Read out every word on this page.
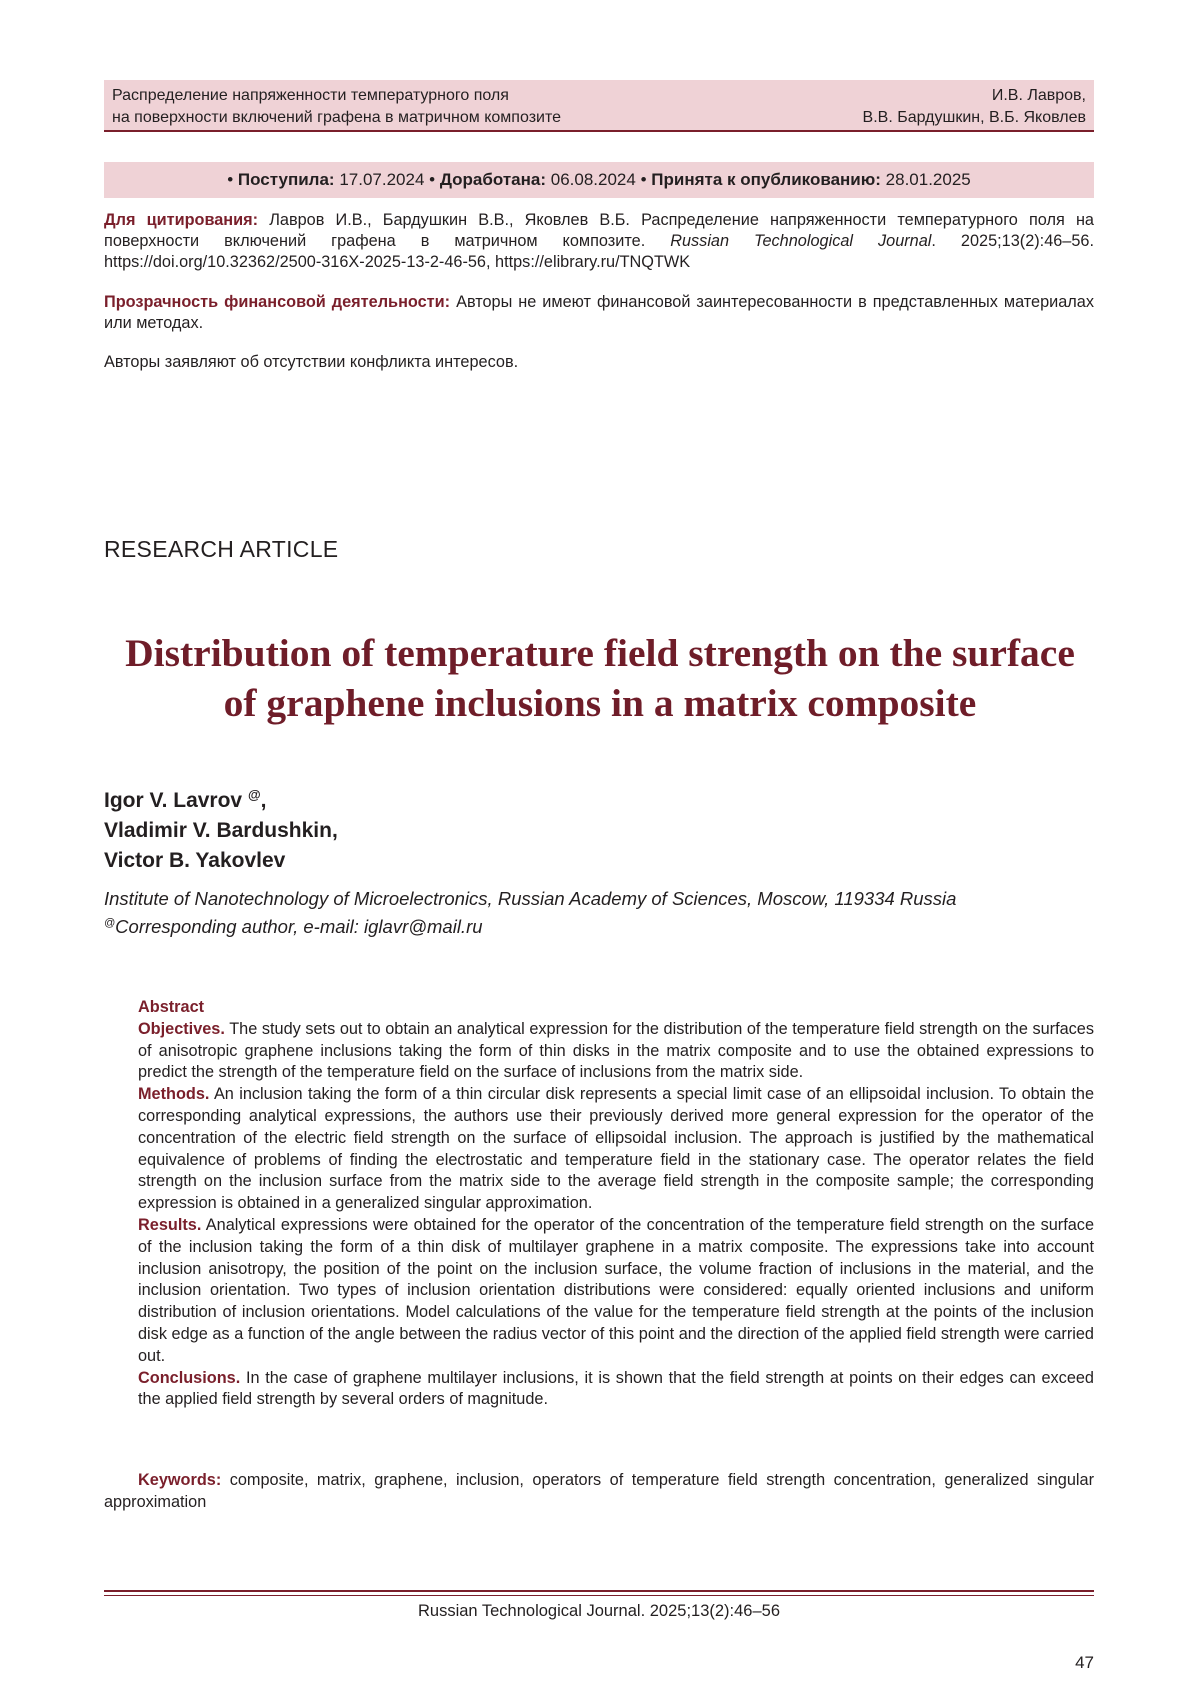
Распределение напряженности температурного поля
на поверхности включений графена в матричном композите
И.В. Лавров,
В.В. Бардушкин, В.Б. Яковлев
• Поступила: 17.07.2024 • Доработана: 06.08.2024 • Принята к опубликованию: 28.01.2025
Для цитирования: Лавров И.В., Бардушкин В.В., Яковлев В.Б. Распределение напряженности температурного поля на поверхности включений графена в матричном композите. Russian Technological Journal. 2025;13(2):46–56. https://doi.org/10.32362/2500-316X-2025-13-2-46-56, https://elibrary.ru/TNQTWK
Прозрачность финансовой деятельности: Авторы не имеют финансовой заинтересованности в представленных материалах или методах.
Авторы заявляют об отсутствии конфликта интересов.
RESEARCH ARTICLE
Distribution of temperature field strength on the surface
of graphene inclusions in a matrix composite
Igor V. Lavrov @,
Vladimir V. Bardushkin,
Victor B. Yakovlev
Institute of Nanotechnology of Microelectronics, Russian Academy of Sciences, Moscow, 119334 Russia
@Corresponding author, e-mail: iglavr@mail.ru

Abstract

Objectives. The study sets out to obtain an analytical expression for the distribution of the temperature field strength on the surfaces of anisotropic graphene inclusions taking the form of thin disks in the matrix composite and to use the obtained expressions to predict the strength of the temperature field on the surface of inclusions from the matrix side.

Methods. An inclusion taking the form of a thin circular disk represents a special limit case of an ellipsoidal inclusion. To obtain the corresponding analytical expressions, the authors use their previously derived more general expression for the operator of the concentration of the electric field strength on the surface of ellipsoidal inclusion. The approach is justified by the mathematical equivalence of problems of finding the electrostatic and temperature field in the stationary case. The operator relates the field strength on the inclusion surface from the matrix side to the average field strength in the composite sample; the corresponding expression is obtained in a generalized singular approximation.

Results. Analytical expressions were obtained for the operator of the concentration of the temperature field strength on the surface of the inclusion taking the form of a thin disk of multilayer graphene in a matrix composite. The expressions take into account inclusion anisotropy, the position of the point on the inclusion surface, the volume fraction of inclusions in the material, and the inclusion orientation. Two types of inclusion orientation distributions were considered: equally oriented inclusions and uniform distribution of inclusion orientations. Model calculations of the value for the temperature field strength at the points of the inclusion disk edge as a function of the angle between the radius vector of this point and the direction of the applied field strength were carried out.

Conclusions. In the case of graphene multilayer inclusions, it is shown that the field strength at points on their edges can exceed the applied field strength by several orders of magnitude.

Keywords: composite, matrix, graphene, inclusion, operators of temperature field strength concentration, generalized singular approximation
Russian Technological Journal. 2025;13(2):46–56
47
